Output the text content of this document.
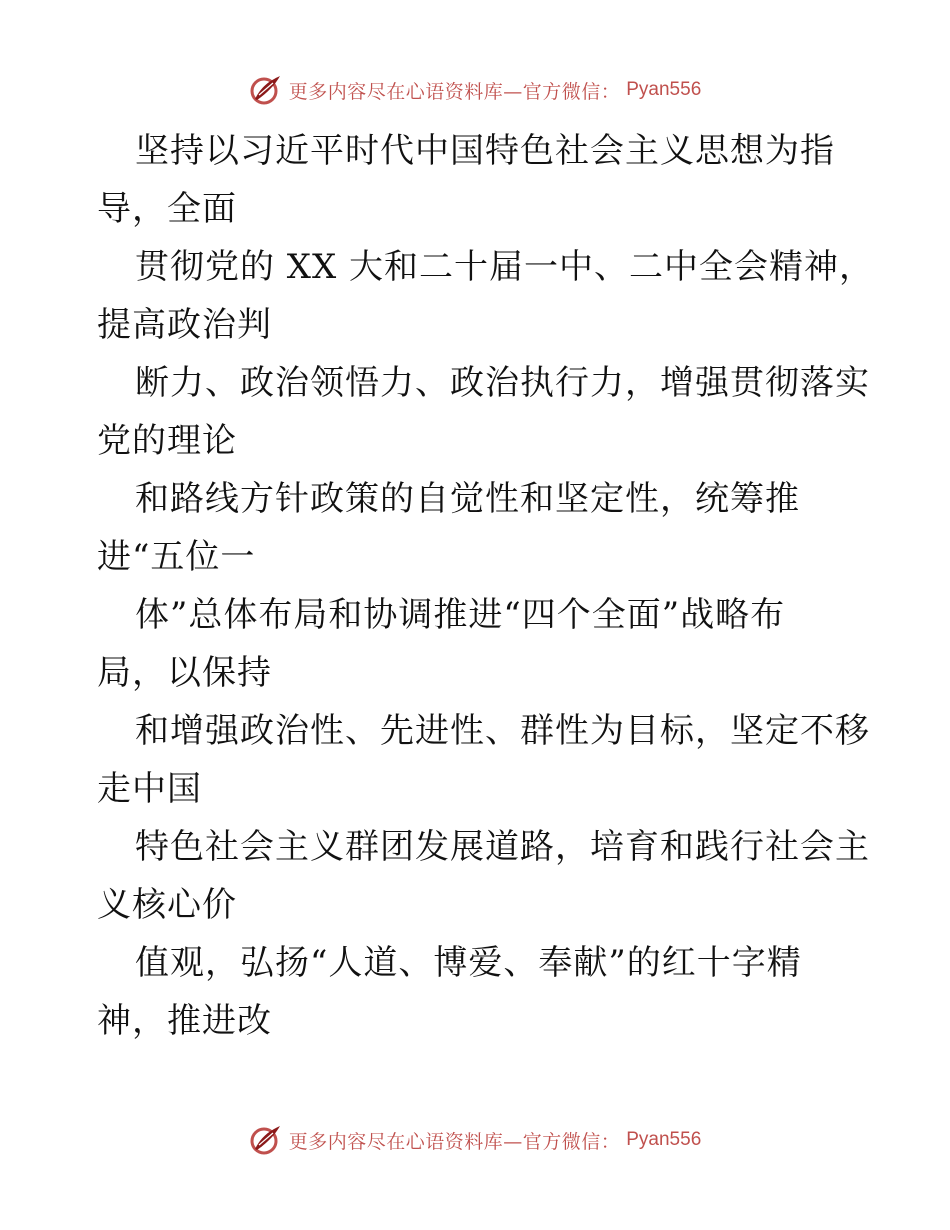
更多内容尽在心语资料库—官方微信： Pyan556
坚持以习近平时代中国特色社会主义思想为指
导，全面
贯彻党的 XX 大和二十届一中、二中全会精神，
提高政治判
断力、政治领悟力、政治执行力，增强贯彻落实
党的理论
和路线方针政策的自觉性和坚定性，统筹推
进“五位一
体”总体布局和协调推进“四个全面”战略布
局，以保持
和增强政治性、先进性、群性为目标，坚定不移
走中国
特色社会主义群团发展道路，培育和践行社会主
义核心价
值观，弘扬“人道、博爱、奉献”的红十字精
神，推进改
更多内容尽在心语资料库—官方微信： Pyan556
